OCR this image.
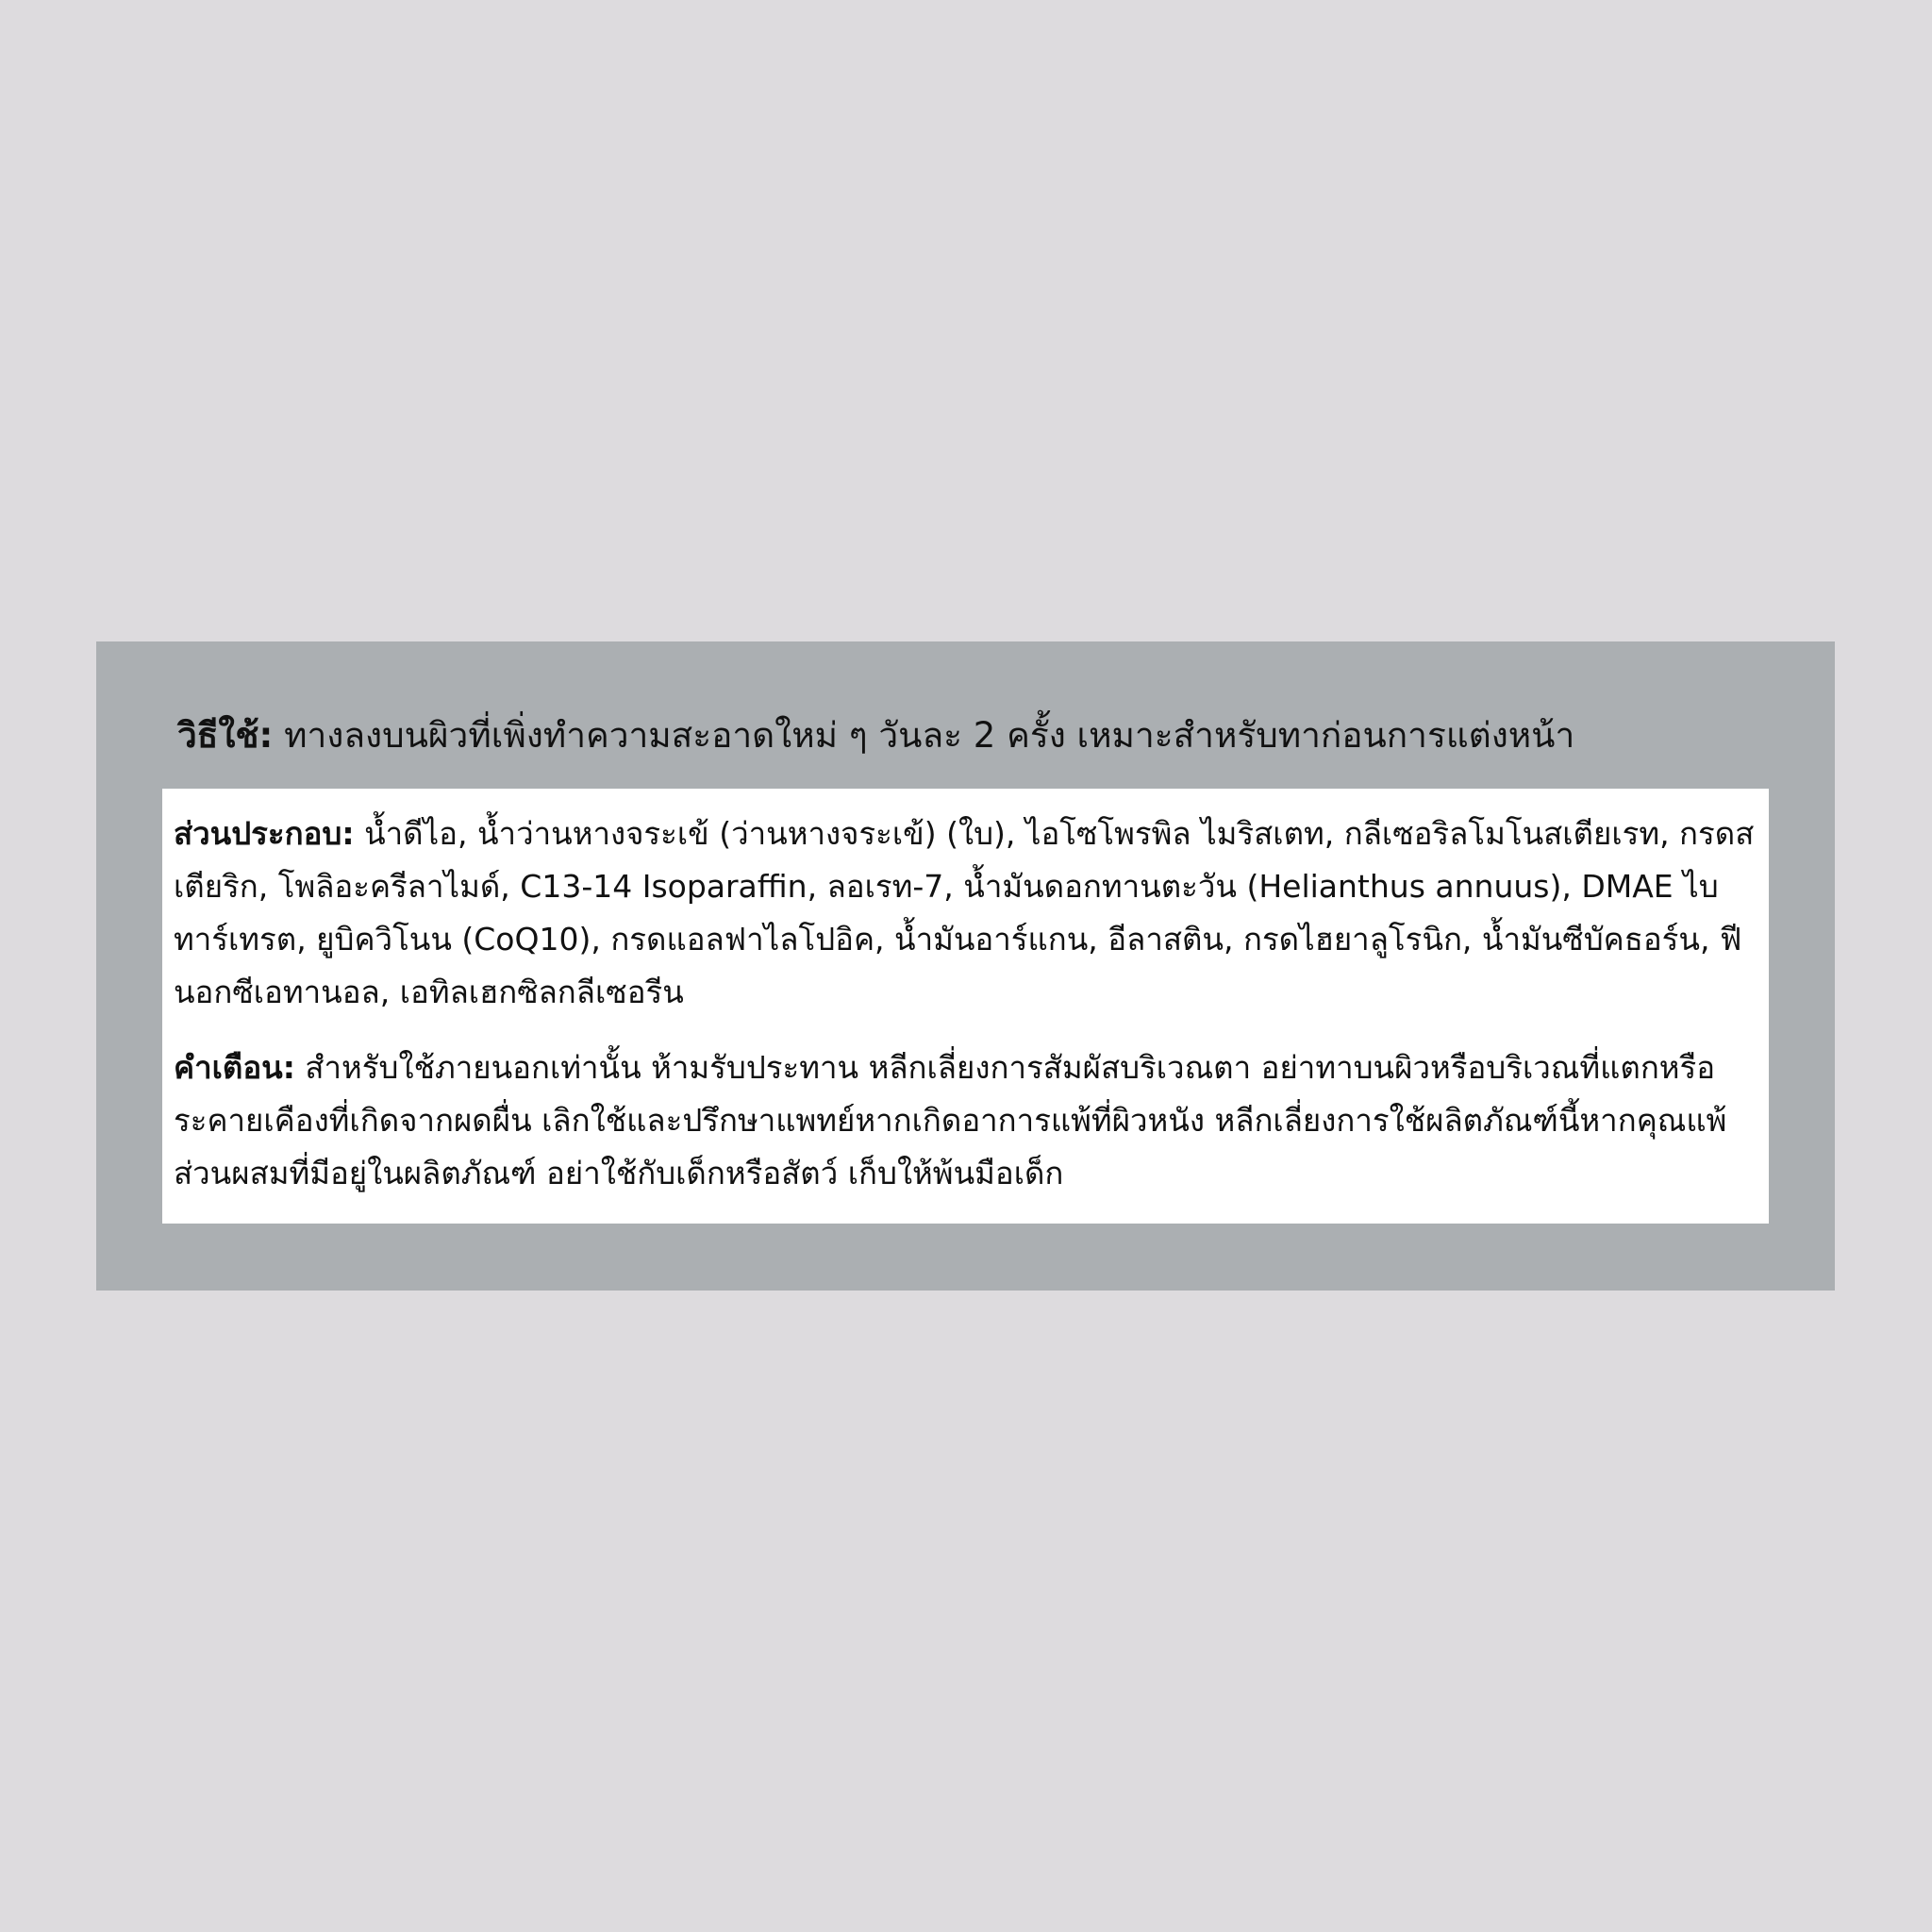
วิธีใช้: ทางลงบนผิวที่เพิ่งทำความสะอาดใหม่ ๆ วันละ 2 ครั้ง เหมาะสำหรับทาก่อนการแต่งหน้า

ส่วนประกอบ: น้ำดีไอ, น้ำว่านหางจระเข้ (ว่านหางจระเข้) (ใบ), ไอโซโพรพิล ไมริสเตท, กลีเซอริลโมโนสเตียเรท, กรดสเตียริก, โพลิอะครีลาไมด์, C13-14 Isoparaffin, ลอเรท-7, น้ำมันดอกทานตะวัน (Helianthus annuus), DMAE ไบทาร์เทรต, ยูบิควิโนน (CoQ10), กรดแอลฟาไลโปอิค, น้ำมันอาร์แกน, อีลาสติน, กรดไฮยาลูโรนิก, น้ำมันซีบัคธอร์น, ฟีนอกซีเอทานอล, เอทิลเฮกซิลกลีเซอรีน

คำเตือน: สำหรับใช้ภายนอกเท่านั้น ห้ามรับประทาน หลีกเลี่ยงการสัมผัสบริเวณตา อย่าทาบนผิวหรือบริเวณที่แตกหรือระคายเคืองที่เกิดจากผดผื่น เลิกใช้และปรึกษาแพทย์หากเกิดอาการแพ้ที่ผิวหนัง หลีกเลี่ยงการใช้ผลิตภัณฑ์นี้หากคุณแพ้ส่วนผสมที่มีอยู่ในผลิตภัณฑ์ อย่าใช้กับเด็กหรือสัตว์ เก็บให้พ้นมือเด็ก
